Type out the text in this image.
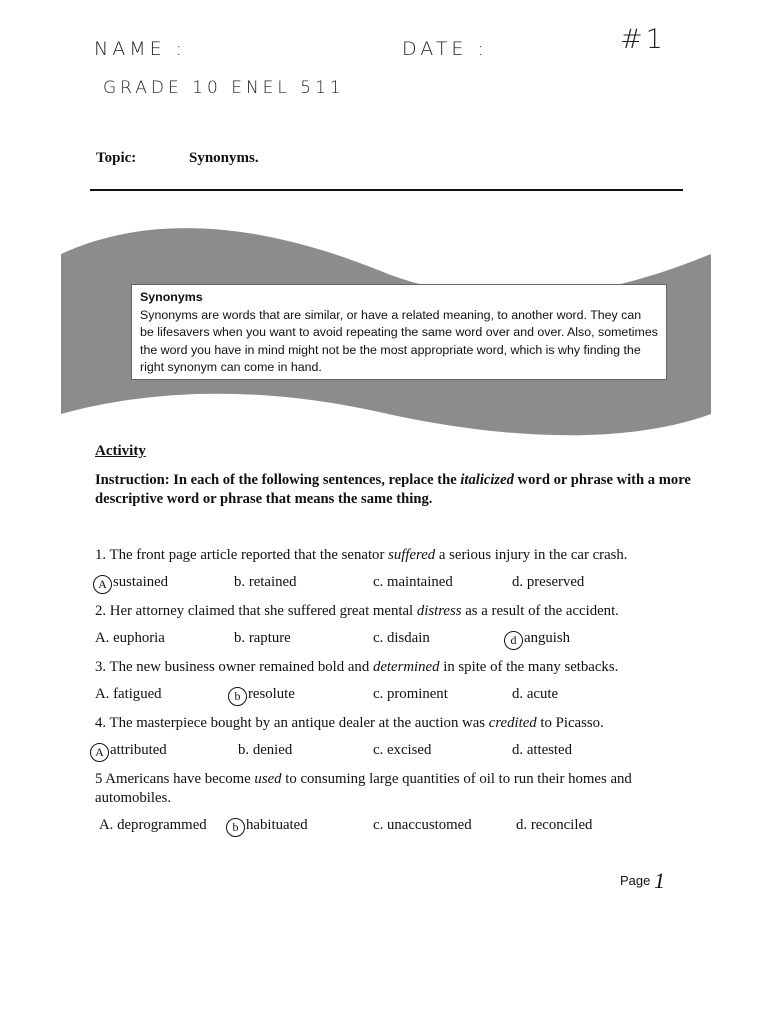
NAME :	DATE :	#1
GRADE 10 ENEL 511
Topic:	Synonyms.
Synonyms
Synonyms are words that are similar, or have a related meaning, to another word. They can be lifesavers when you want to avoid repeating the same word over and over. Also, sometimes the word you have in mind might not be the most appropriate word, which is why finding the right synonym can come in hand.
Activity
Instruction: In each of the following sentences, replace the italicized word or phrase with a more descriptive word or phrase that means the same thing.
1. The front page article reported that the senator suffered a serious injury in the car crash.
A sustained	b. retained	c. maintained	d. preserved
2. Her attorney claimed that she suffered great mental distress as a result of the accident.
A. euphoria	b. rapture	c. disdain	d anguish
3. The new business owner remained bold and determined in spite of the many setbacks.
A. fatigued	b resolute	c. prominent	d. acute
4. The masterpiece bought by an antique dealer at the auction was credited to Picasso.
A attributed	b. denied	c. excised	d. attested
5 Americans have become used to consuming large quantities of oil to run their homes and automobiles.
A. deprogrammed	b habituated	c. unaccustomed	d. reconciled
Page 1
